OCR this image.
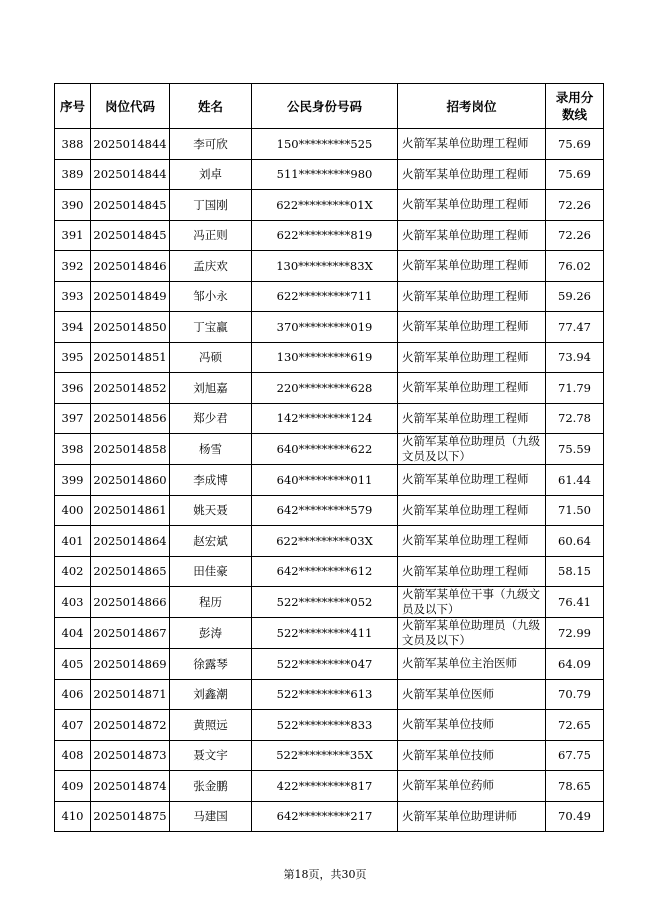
序号	岗位代码	姓名	公民身份号码	招考岗位	录用分数线
388	2025014844	李可欣	150*********525	火箭军某单位助理工程师	75.69
389	2025014844	刘卓	511*********980	火箭军某单位助理工程师	75.69
390	2025014845	丁国刚	622*********01X	火箭军某单位助理工程师	72.26
391	2025014845	冯正则	622*********819	火箭军某单位助理工程师	72.26
392	2025014846	孟庆欢	130*********83X	火箭军某单位助理工程师	76.02
393	2025014849	邹小永	622*********711	火箭军某单位助理工程师	59.26
394	2025014850	丁宝赢	370*********019	火箭军某单位助理工程师	77.47
395	2025014851	冯硕	130*********619	火箭军某单位助理工程师	73.94
396	2025014852	刘旭嘉	220*********628	火箭军某单位助理工程师	71.79
397	2025014856	郑少君	142*********124	火箭军某单位助理工程师	72.78
398	2025014858	杨雪	640*********622	火箭军某单位助理员（九级文员及以下）	75.59
399	2025014860	李成博	640*********011	火箭军某单位助理工程师	61.44
400	2025014861	姚天聂	642*********579	火箭军某单位助理工程师	71.50
401	2025014864	赵宏斌	622*********03X	火箭军某单位助理工程师	60.64
402	2025014865	田佳豪	642*********612	火箭军某单位助理工程师	58.15
403	2025014866	程历	522*********052	火箭军某单位干事（九级文员及以下）	76.41
404	2025014867	彭涛	522*********411	火箭军某单位助理员（九级文员及以下）	72.99
405	2025014869	徐露琴	522*********047	火箭军某单位主治医师	64.09
406	2025014871	刘鑫潮	522*********613	火箭军某单位医师	70.79
407	2025014872	黄照远	522*********833	火箭军某单位技师	72.65
408	2025014873	聂文宇	522*********35X	火箭军某单位技师	67.75
409	2025014874	张金鹏	422*********817	火箭军某单位药师	78.65
410	2025014875	马建国	642*********217	火箭军某单位助理讲师	70.49
第18页，共30页
